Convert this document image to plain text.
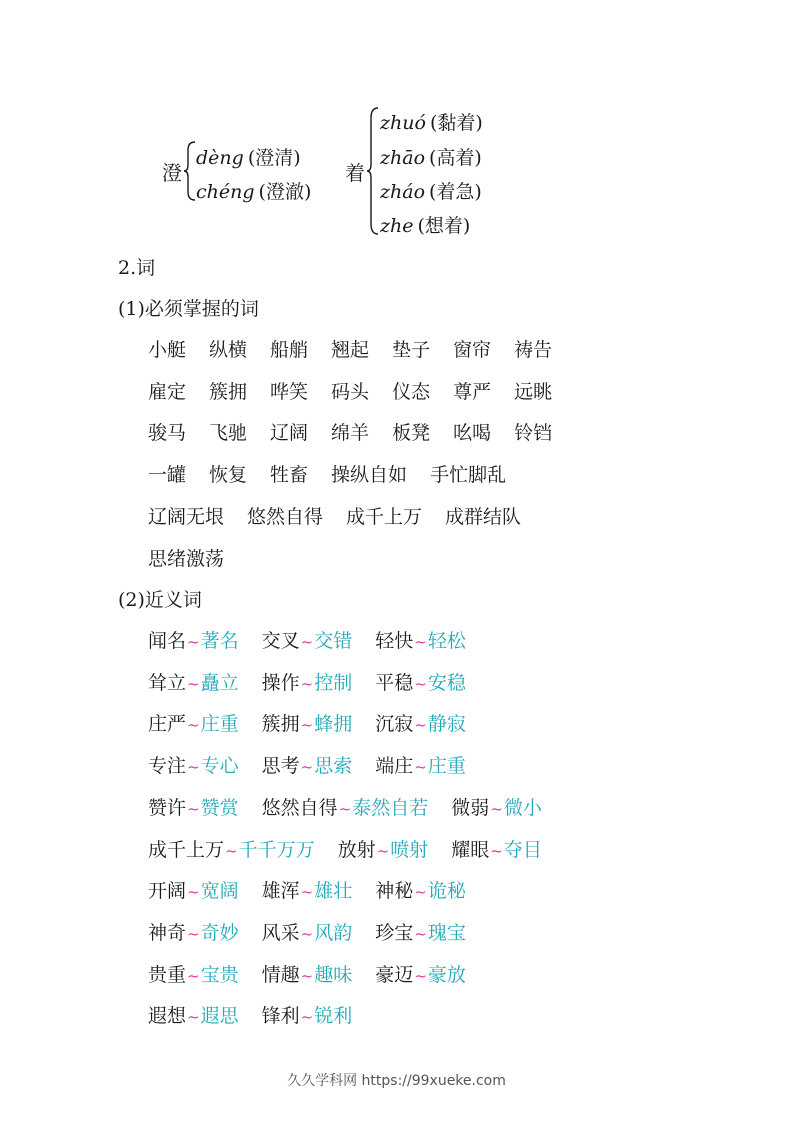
澄
dèng (澄清)
chéng (澄澈)
着
zhuó (黏着)
zhāo (高着)
zháo (着急)
zhe (想着)
2.词
(1)必须掌握的词
小艇 纵横 船艄 翘起 垫子 窗帘 祷告
雇定 簇拥 哗笑 码头 仪态 尊严 远眺
骏马 飞驰 辽阔 绵羊 板凳 吆喝 铃铛
一罐 恢复 牲畜 操纵自如 手忙脚乱
辽阔无垠 悠然自得 成千上万 成群结队
思绪激荡
(2)近义词
闻名~著名 交叉~交错 轻快~轻松
耸立~矗立 操作~控制 平稳~安稳
庄严~庄重 簇拥~蜂拥 沉寂~静寂
专注~专心 思考~思索 端庄~庄重
赞许~赞赏 悠然自得~泰然自若 微弱~微小
成千上万~千千万万 放射~喷射 耀眼~夺目
开阔~宽阔 雄浑~雄壮 神秘~诡秘
神奇~奇妙 风采~风韵 珍宝~瑰宝
贵重~宝贵 情趣~趣味 豪迈~豪放
遐想~遐思 锋利~锐利
久久学科网 https://99xueke.com
